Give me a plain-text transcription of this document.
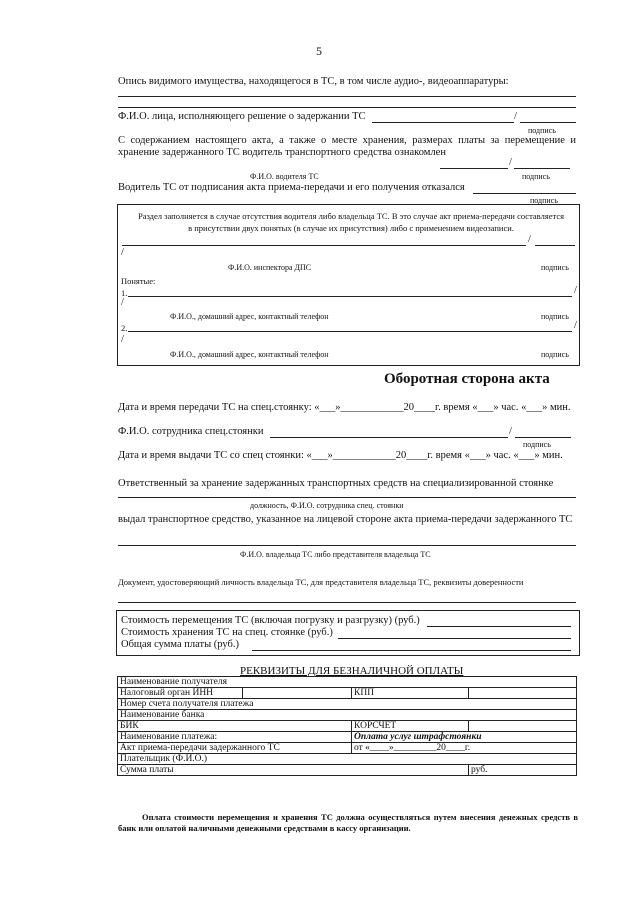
5
Опись видимого имущества, находящегося в ТС, в том числе аудио-, видеоаппаратуры:
Ф.И.О. лица, исполняющего решение о задержании ТС	/
подпись
С содержанием настоящего акта, а также о месте хранения, размерах платы за перемещение и хранение задержанного ТС водитель транспортного средства ознакомлен
/
Ф.И.О. водителя ТС	подпись
Водитель ТС от подписания акта приема-передачи и его получения отказался
подпись
Раздел заполняется в случае отсутствия водителя либо владельца ТС. В это случае акт приема-передачи составляется в присутствии двух понятых (в случае их присутствия) либо с применением видеозаписи.
/
/
Ф.И.О. инспектора ДПС	подпись
Понятые:
1.	/
/
Ф.И.О., домашний адрес, контактный телефон	подпись
2.	/
/
Ф.И.О., домашний адрес, контактный телефон	подпись
Оборотная сторона акта
Дата и время передачи ТС на спец.стоянку: «___»____________20____г. время «___» час. «___» мин.
Ф.И.О. сотрудника спец.стоянки	/
подпись
Дата и время выдачи ТС со спец стоянки: «___»____________20____г. время «___» час. «___» мин.
Ответственный за хранение задержанных транспортных средств на специализированной стоянке
должность, Ф.И.О. сотрудника спец. стоянки
выдал транспортное средство, указанное на лицевой стороне акта приема-передачи задержанного ТС
Ф.И.О. владельца ТС либо представителя владельца ТС
Документ, удостоверяющий личность владельца ТС, для представителя владельца ТС, реквизиты доверенности
Стоимость перемещения ТС (включая погрузку и разгрузку) (руб.)
Стоимость хранения ТС на спец. стоянке (руб.)
Общая сумма платы (руб.)
РЕКВИЗИТЫ ДЛЯ БЕЗНАЛИЧНОЙ ОПЛАТЫ
Наименование получателя			
Налоговый орган ИНН		КПП	
Номер счета получателя платежа			
Наименование банка			
БИК		КОРСЧЕТ	
Наименование платежа:		Оплата услуг штрафстоянки	
Акт приема-передачи задержанного ТС		от «____»_________20____г.	
Плательщик (Ф.И.О.)			
Сумма платы			руб.
Оплата стоимости перемещения и хранения ТС должна осуществляться путем внесения денежных средств в банк или оплатой наличными денежными средствами в кассу организации.
